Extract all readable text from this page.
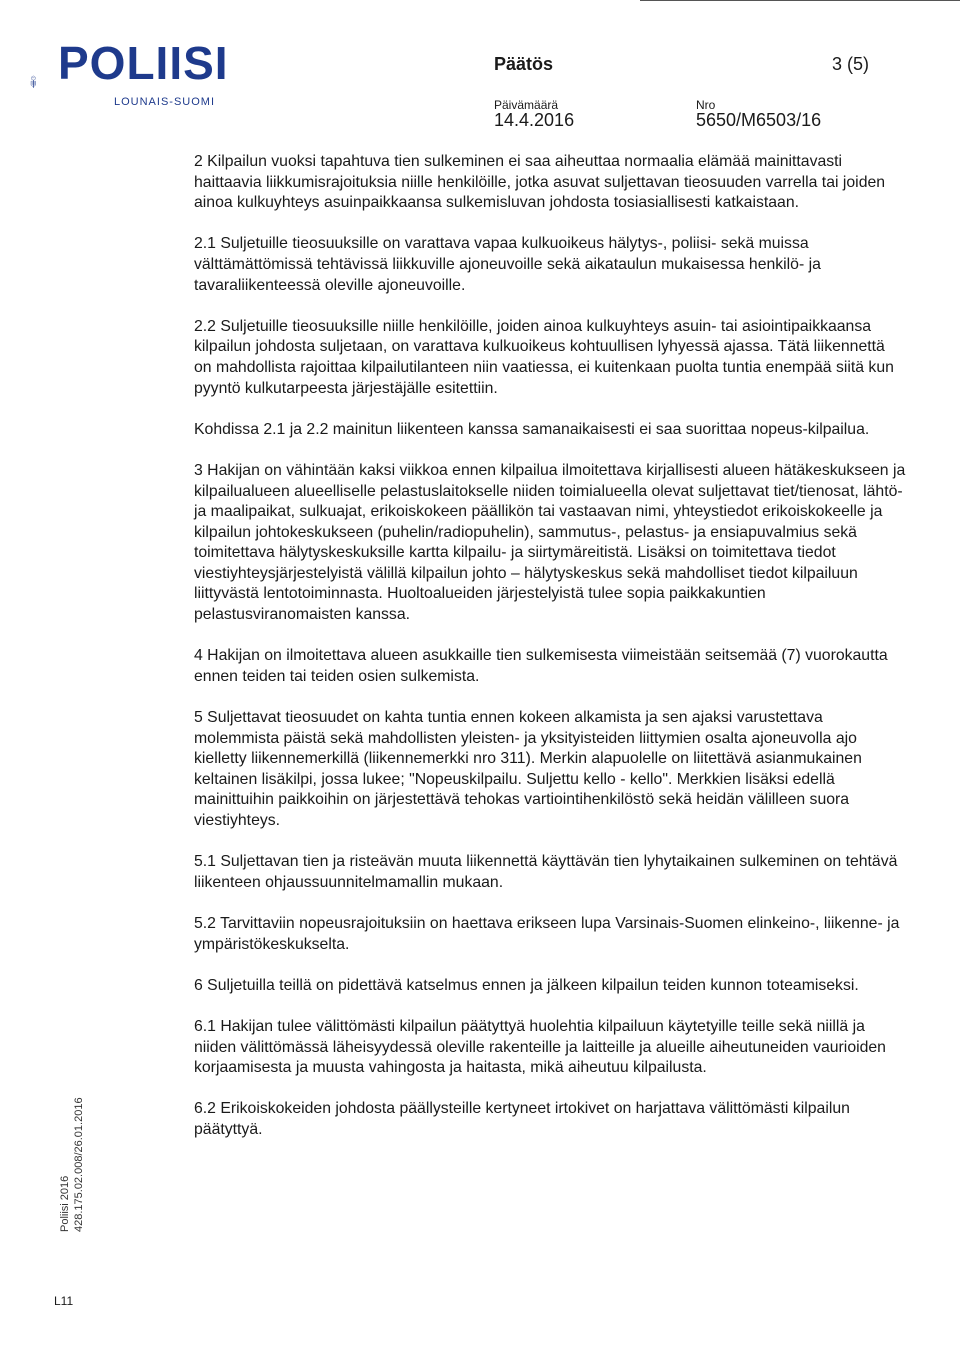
POLIISI
LOUNAIS-SUOMI
Päätös	3 (5)
Päivämäärä
14.4.2016
Nro
5650/M6503/16

2 Kilpailun vuoksi tapahtuva tien sulkeminen ei saa aiheuttaa normaalia elämää mainittavasti haittaavia liikkumisrajoituksia niille henkilöille, jotka asuvat suljettavan tieosuuden varrella tai joiden ainoa kulkuyhteys asuinpaikkaansa sulkemisluvan johdosta tosiasiallisesti katkaistaan.

2.1 Suljetuille tieosuuksille on varattava vapaa kulkuoikeus hälytys-, poliisi- sekä muissa välttämättömissä tehtävissä liikkuville ajoneuvoille sekä aikataulun mukaisessa henkilö- ja tavaraliikenteessä oleville ajoneuvoille.

2.2 Suljetuille tieosuuksille niille henkilöille, joiden ainoa kulkuyhteys asuin- tai asiointipaikkaansa kilpailun johdosta suljetaan, on varattava kulkuoikeus kohtuullisen lyhyessä ajassa. Tätä liikennettä on mahdollista rajoittaa kilpailutilanteen niin vaatiessa, ei kuitenkaan puolta tuntia enempää siitä kun pyyntö kulkutarpeesta järjestäjälle esitettiin.

Kohdissa 2.1 ja 2.2 mainitun liikenteen kanssa samanaikaisesti ei saa suorittaa nopeus-kilpailua.

3 Hakijan on vähintään kaksi viikkoa ennen kilpailua ilmoitettava kirjallisesti alueen hätäkeskukseen ja kilpailualueen alueelliselle pelastuslaitokselle niiden toimialueella olevat suljettavat tiet/tienosat, lähtö- ja maalipaikat, sulkuajat, erikoiskokeen päällikön tai vastaavan nimi, yhteystiedot erikoiskokeelle ja kilpailun johtokeskukseen (puhelin/radiopuhelin), sammutus-, pelastus- ja ensiapuvalmius sekä toimitettava hälytyskeskuksille kartta kilpailu- ja siirtymäreitistä. Lisäksi on toimitettava tiedot viestiyhteysjärjestelyistä välillä kilpailun johto – hälytyskeskus sekä mahdolliset tiedot kilpailuun liittyvästä lentotoiminnasta. Huoltoalueiden järjestelyistä tulee sopia paikkakuntien pelastusviranomaisten kanssa.

4 Hakijan on ilmoitettava alueen asukkaille tien sulkemisesta viimeistään seitsemää (7) vuorokautta ennen teiden tai teiden osien sulkemista.

5 Suljettavat tieosuudet on kahta tuntia ennen kokeen alkamista ja sen ajaksi varustettava molemmista päistä sekä mahdollisten yleisten- ja yksityisteiden liittymien osalta ajoneuvolla ajo kielletty liikennemerkillä (liikennemerkki nro 311). Merkin alapuolelle on liitettävä asianmukainen keltainen lisäkilpi, jossa lukee; "Nopeuskilpailu. Suljettu kello - kello". Merkkien lisäksi edellä mainittuihin paikkoihin on järjestettävä tehokas vartiointihenkilöstö sekä heidän välilleen suora viestiyhteys.

5.1 Suljettavan tien ja risteävän muuta liikennettä käyttävän tien lyhytaikainen sulkeminen on tehtävä liikenteen ohjaussuunnitelmamallin mukaan.

5.2 Tarvittaviin nopeusrajoituksiin on haettava erikseen lupa Varsinais-Suomen elinkeino-, liikenne- ja ympäristökeskukselta.

6 Suljetuilla teillä on pidettävä katselmus ennen ja jälkeen kilpailun teiden kunnon toteamiseksi.

6.1 Hakijan tulee välittömästi kilpailun päätyttyä huolehtia kilpailuun käytetyille teille sekä niillä ja niiden välittömässä läheisyydessä oleville rakenteille ja laitteille ja alueille aiheutuneiden vaurioiden korjaamisesta ja muusta vahingosta ja haitasta, mikä aiheutuu kilpailusta.

6.2 Erikoiskokeiden johdosta päällysteille kertyneet irtokivet on harjattava välittömästi kilpailun päätyttyä.

Poliisi 2016 428.175.02.008/26.01.2016
L11
